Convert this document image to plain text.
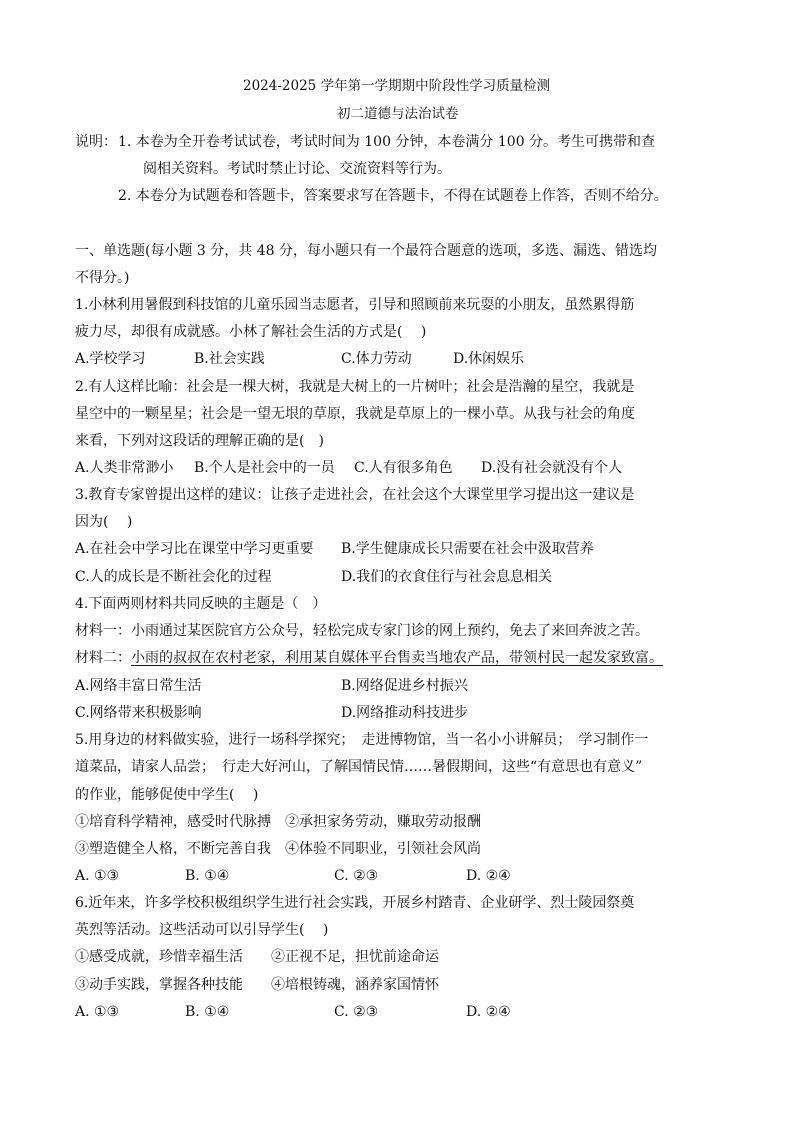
2024-2025 学年第一学期期中阶段性学习质量检测
初二道德与法治试卷
说明： 1. 本卷为全开卷考试试卷，考试时间为 100 分钟，本卷满分 100 分。考生可携带和查
阅相关资料。考试时禁止讨论、交流资料等行为。
2. 本卷分为试题卷和答题卡，答案要求写在答题卡，不得在试题卷上作答，否则不给分。
一、单选题(每小题 3 分，共 48 分，每小题只有一个最符合题意的选项，多选、漏选、错选均
不得分。)
1.小林利用暑假到科技馆的儿童乐园当志愿者，引导和照顾前来玩耍的小朋友，虽然累得筋
疲力尽，却很有成就感。小林了解社会生活的方式是(　 )
A.学校学习	B.社会实践	C.体力劳动	D.休闲娱乐
2.有人这样比喻：社会是一棵大树，我就是大树上的一片树叶；社会是浩瀚的星空，我就是
星空中的一颗星星；社会是一望无垠的草原，我就是草原上的一棵小草。从我与社会的角度
来看，下列对这段话的理解正确的是(　)
A.人类非常渺小 B.个人是社会中的一员 C.人有很多角色 D.没有社会就没有个人
3.教育专家曾提出这样的建议：让孩子走进社会，在社会这个大课堂里学习提出这一建议是
因为(　 )
A.在社会中学习比在课堂中学习更重要 B.学生健康成长只需要在社会中汲取营养
C.人的成长是不断社会化的过程	D.我们的衣食住行与社会息息相关
4.下面两则材料共同反映的主题是（　）
材料一：小雨通过某医院官方公众号，轻松完成专家门诊的网上预约，免去了来回奔波之苦。
材料二：小雨的叔叔在农村老家，利用某自媒体平台售卖当地农产品，带领村民一起发家致富。
A.网络丰富日常生活	B.网络促进乡村振兴
C.网络带来积极影响	D.网络推动科技进步
5.用身边的材料做实验，进行一场科学探究；　走进博物馆，当一名小小讲解员；　学习制作一
道菜品，请家人品尝；　行走大好河山，了解国情民情……暑假期间，这些“有意思也有意义”
的作业，能够促使中学生(　 )
①培育科学精神，感受时代脉搏　②承担家务劳动，赚取劳动报酬
③塑造健全人格，不断完善自我　④体验不同职业，引领社会风尚
A. ①③	B. ①④	C. ②③	D. ②④
6.近年来，许多学校积极组织学生进行社会实践，开展乡村踏青、企业研学、烈士陵园祭奠
英烈等活动。这些活动可以引导学生(　 )
①感受成就，珍惜幸福生活　　②正视不足，担忧前途命运
③动手实践，掌握各种技能　　④培根铸魂，涵养家国情怀
A. ①③	B. ①④	C. ②③	D. ②④
